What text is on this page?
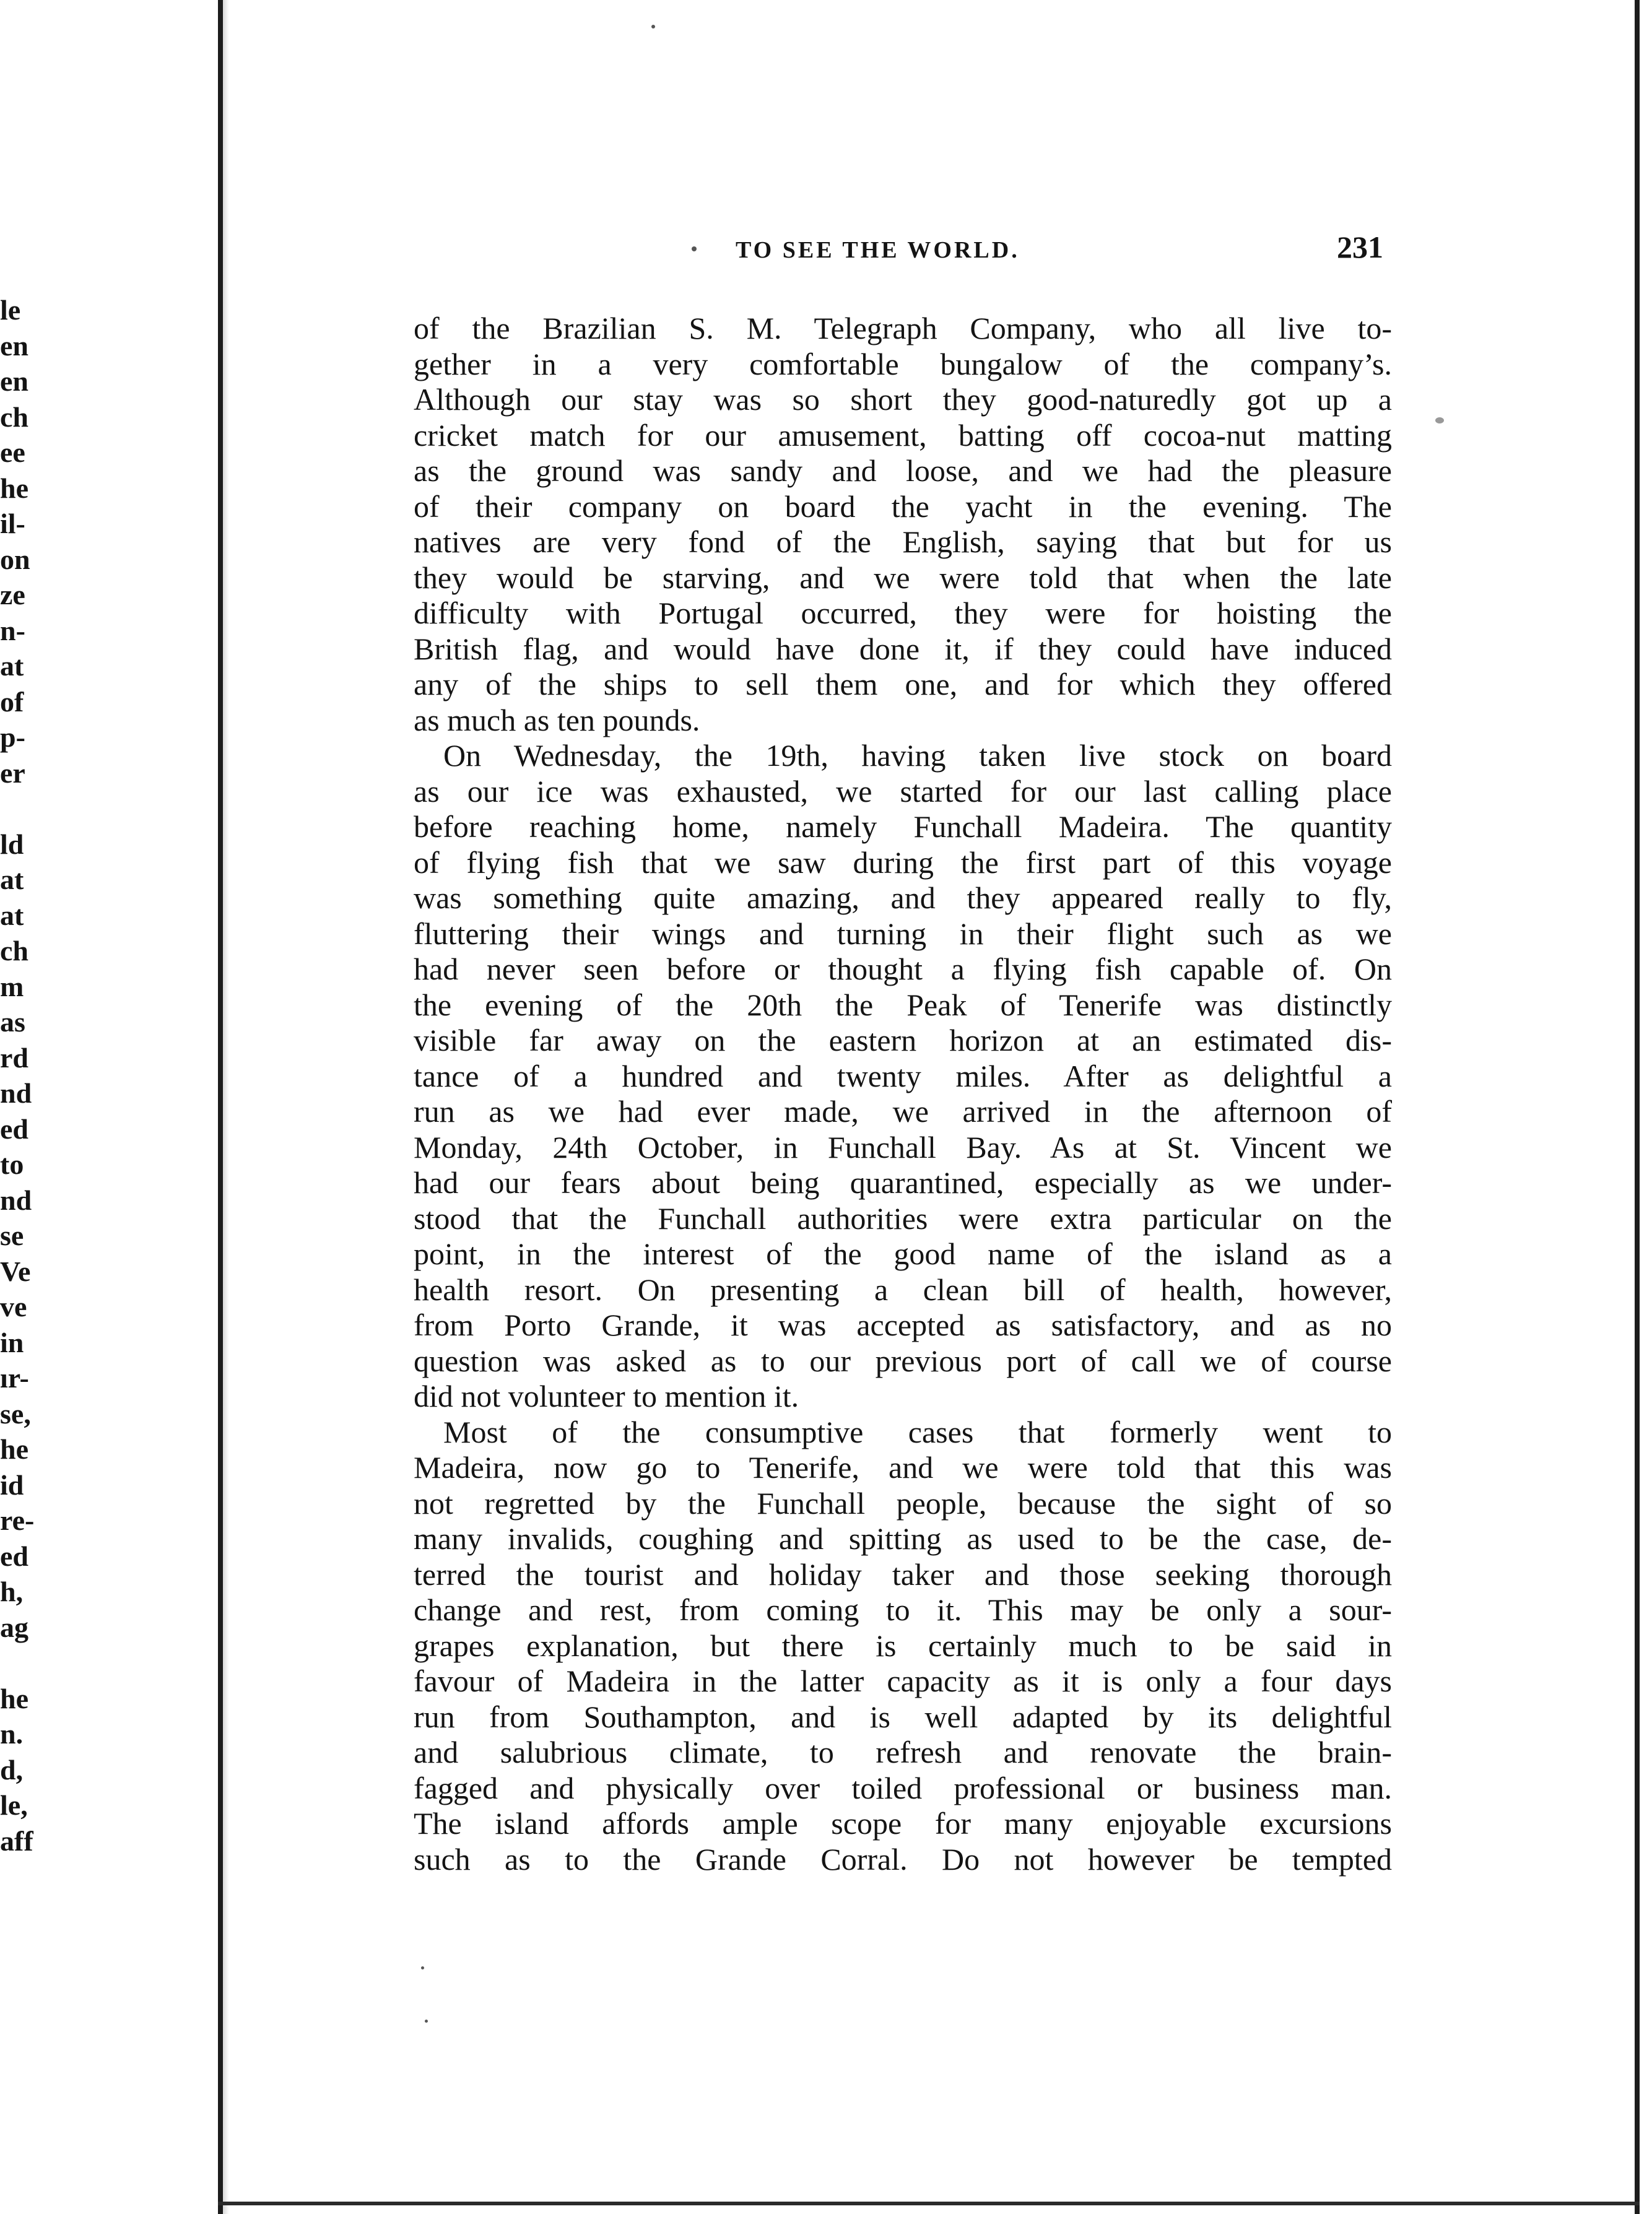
le
en
en
ch
ee
he
il-
on
ze
n-
at
of
p-
er
ld
at
at
ch
m
as
rd
nd
ed
to
nd
se
Ve
ve
in
ır-
se,
he
id
re-
ed
h,
ag
he
n.
d,
le,
aff
TO SEE THE WORLD.	231
of the Brazilian S. M. Telegraph Company, who all live to-
gether in a very comfortable bungalow of the company’s.
Although our stay was so short they good-naturedly got up a
cricket match for our amusement, batting off cocoa-nut matting
as the ground was sandy and loose, and we had the pleasure
of their company on board the yacht in the evening. The
natives are very fond of the English, saying that but for us
they would be starving, and we were told that when the late
difficulty with Portugal occurred, they were for hoisting the
British flag, and would have done it, if they could have induced
any of the ships to sell them one, and for which they offered
as much as ten pounds.
On Wednesday, the 19th, having taken live stock on board
as our ice was exhausted, we started for our last calling place
before reaching home, namely Funchall Madeira. The quantity
of flying fish that we saw during the first part of this voyage
was something quite amazing, and they appeared really to fly,
fluttering their wings and turning in their flight such as we
had never seen before or thought a flying fish capable of. On
the evening of the 20th the Peak of Tenerife was distinctly
visible far away on the eastern horizon at an estimated dis-
tance of a hundred and twenty miles. After as delightful a
run as we had ever made, we arrived in the afternoon of
Monday, 24th October, in Funchall Bay. As at St. Vincent we
had our fears about being quarantined, especially as we under-
stood that the Funchall authorities were extra particular on the
point, in the interest of the good name of the island as a
health resort. On presenting a clean bill of health, however,
from Porto Grande, it was accepted as satisfactory, and as no
question was asked as to our previous port of call we of course
did not volunteer to mention it.
Most of the consumptive cases that formerly went to
Madeira, now go to Tenerife, and we were told that this was
not regretted by the Funchall people, because the sight of so
many invalids, coughing and spitting as used to be the case, de-
terred the tourist and holiday taker and those seeking thorough
change and rest, from coming to it. This may be only a sour-
grapes explanation, but there is certainly much to be said in
favour of Madeira in the latter capacity as it is only a four days
run from Southampton, and is well adapted by its delightful
and salubrious climate, to refresh and renovate the brain-
fagged and physically over toiled professional or business man.
The island affords ample scope for many enjoyable excursions
such as to the Grande Corral. Do not however be tempted
